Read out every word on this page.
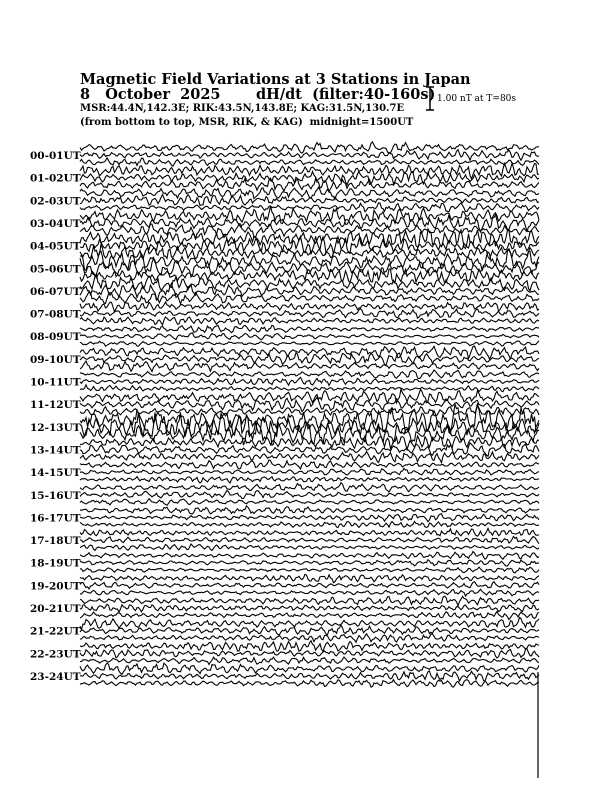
00-01UT
01-02UT
02-03UT
03-04UT
04-05UT
05-06UT
06-07UT
07-08UT
08-09UT
09-10UT
10-11UT
11-12UT
12-13UT
13-14UT
14-15UT
15-16UT
16-17UT
17-18UT
18-19UT
19-20UT
20-21UT
21-22UT
22-23UT
23-24UT
Magnetic Field Variations at 3 Stations in Japan
8   October  2025 dH/dt  (filter:40-160s)
MSR:44.4N,142.3E; RIK:43.5N,143.8E; KAG:31.5N,130.7E
(from bottom to top, MSR, RIK, & KAG)  midnight=1500UT
1.00 nT at T=80s
